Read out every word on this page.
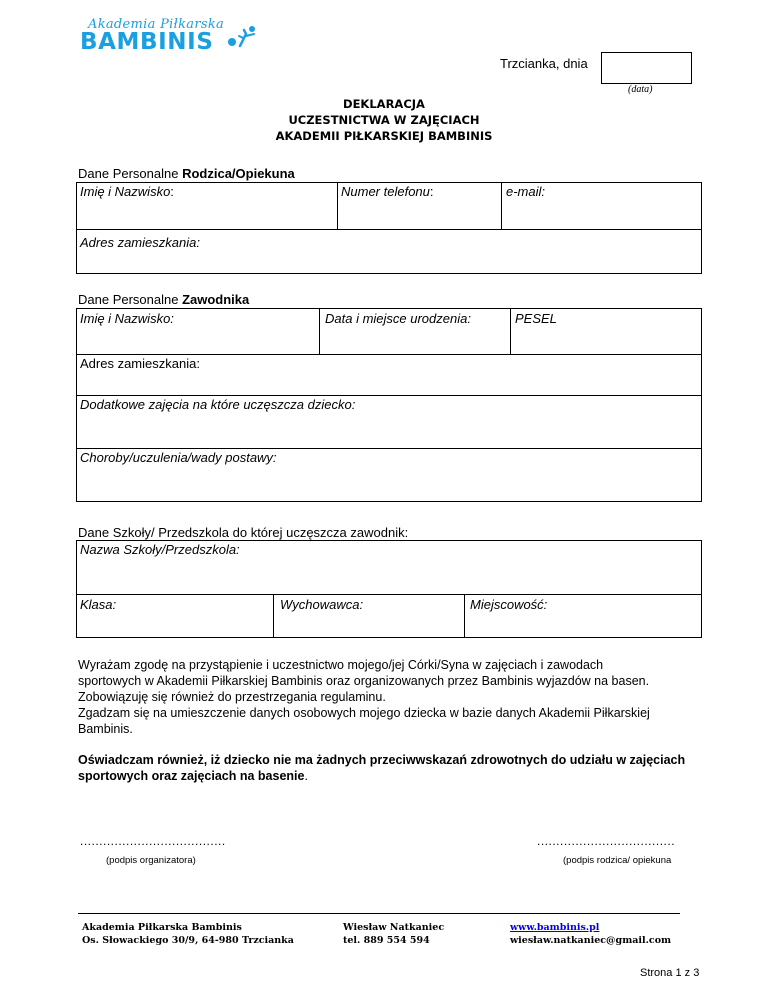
Akademia Piłkarska
BAMBINIS
Trzcianka, dnia
(data)
DEKLARACJA
UCZESTNICTWA W ZAJĘCIACH
AKADEMII PIŁKARSKIEJ BAMBINIS
Dane Personalne Rodzica/Opiekuna
Imię i Nazwisko:	Numer telefonu:	e-mail:
Adres zamieszkania:
Dane Personalne Zawodnika
Imię i Nazwisko:	Data i miejsce urodzenia:	PESEL
Adres zamieszkania:
Dodatkowe zajęcia na które uczęszcza dziecko:
Choroby/uczulenia/wady postawy:
Dane Szkoły/ Przedszkola do której uczęszcza zawodnik:
Nazwa Szkoły/Przedszkola:
Klasa:	Wychowawca:	Miejscowość:

Wyrażam zgodę na przystąpienie i uczestnictwo mojego/jej Córki/Syna w zajęciach i zawodach

sportowych w Akademii Piłkarskiej Bambinis oraz organizowanych przez Bambinis wyjazdów na basen.

Zobowiązuję się również do przestrzegania regulaminu.

Zgadzam się na umieszczenie danych osobowych mojego dziecka w bazie danych Akademii Piłkarskiej

Bambinis.

Oświadczam również, iż dziecko nie ma żadnych przeciwwskazań zdrowotnych do udziału w zajęciach
sportowych oraz zajęciach na basenie.
......................................
(podpis organizatora)
....................................
(podpis rodzica/ opiekuna
Akademia Piłkarska Bambinis
Os. Słowackiego 30/9, 64-980 Trzcianka
Wiesław Natkaniec
tel. 889 554 594
www.bambinis.pl
wiesław.natkaniec@gmail.com
Strona 1 z 3
